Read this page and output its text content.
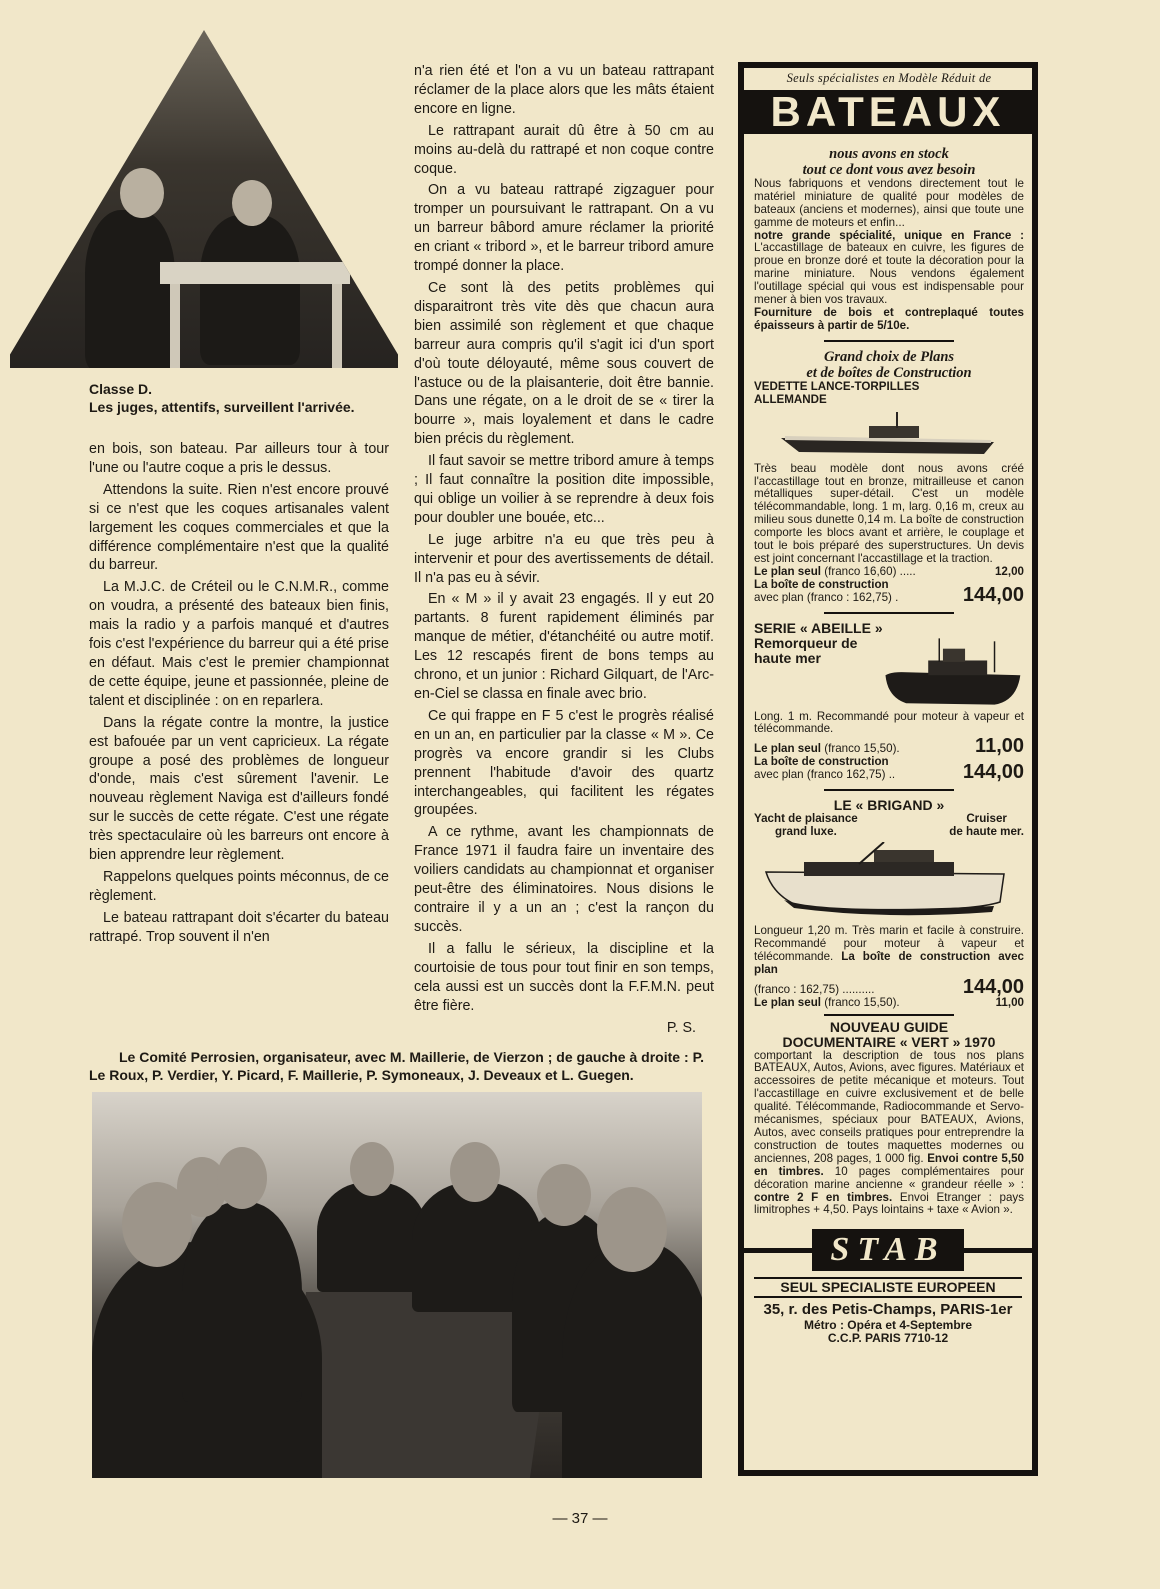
Classe D.
Les juges, attentifs, surveillent l'arrivée.

en bois, son bateau. Par ailleurs tour à tour l'une ou l'autre coque a pris le dessus.

Attendons la suite. Rien n'est encore prouvé si ce n'est que les coques artisanales valent largement les coques commerciales et que la différence complémentaire n'est que la qualité du barreur.

La M.J.C. de Créteil ou le C.N.M.R., comme on voudra, a présenté des bateaux bien finis, mais la radio y a parfois manqué et d'autres fois c'est l'expérience du barreur qui a été prise en défaut. Mais c'est le premier championnat de cette équipe, jeune et passionnée, pleine de talent et disciplinée : on en reparlera.

Dans la régate contre la montre, la justice est bafouée par un vent capricieux. La régate groupe a posé des problèmes de longueur d'onde, mais c'est sûrement l'avenir. Le nouveau règlement Naviga est d'ailleurs fondé sur le succès de cette régate. C'est une régate très spectaculaire où les barreurs ont encore à bien apprendre leur règlement.

Rappelons quelques points méconnus, de ce règlement.

Le bateau rattrapant doit s'écarter du bateau rattrapé. Trop souvent il n'en

n'a rien été et l'on a vu un bateau rattrapant réclamer de la place alors que les mâts étaient encore en ligne.

Le rattrapant aurait dû être à 50 cm au moins au-delà du rattrapé et non coque contre coque.

On a vu bateau rattrapé zigzaguer pour tromper un poursuivant le rattrapant. On a vu un barreur bâbord amure réclamer la priorité en criant « tribord », et le barreur tribord amure trompé donner la place.

Ce sont là des petits problèmes qui disparaitront très vite dès que chacun aura bien assimilé son règlement et que chaque barreur aura compris qu'il s'agit ici d'un sport d'où toute déloyauté, même sous couvert de l'astuce ou de la plaisanterie, doit être bannie. Dans une régate, on a le droit de se « tirer la bourre », mais loyalement et dans le cadre bien précis du règlement.

Il faut savoir se mettre tribord amure à temps ; Il faut connaître la position dite impossible, qui oblige un voilier à se reprendre à deux fois pour doubler une bouée, etc...

Le juge arbitre n'a eu que très peu à intervenir et pour des avertissements de détail. Il n'a pas eu à sévir.

En « M » il y avait 23 engagés. Il y eut 20 partants. 8 furent rapidement éliminés par manque de métier, d'étanchéité ou autre motif. Les 12 rescapés firent de bons temps au chrono, et un junior : Richard Gilquart, de l'Arc-en-Ciel se classa en finale avec brio.

Ce qui frappe en F 5 c'est le progrès réalisé en un an, en particulier par la classe « M ». Ce progrès va encore grandir si les Clubs prennent l'habitude d'avoir des quartz interchangeables, qui facilitent les régates groupées.

A ce rythme, avant les championnats de France 1971 il faudra faire un inventaire des voiliers candidats au championnat et organiser peut-être des éliminatoires. Nous disions le contraire il y a un an ; c'est la rançon du succès.

Il a fallu le sérieux, la discipline et la courtoisie de tous pour tout finir en son temps, cela aussi est un succès dont la F.F.M.N. peut être fière.

P. S.
Le Comité Perrosien, organisateur, avec M. Maillerie, de Vierzon ; de gauche à droite : P. Le Roux, P. Verdier, Y. Picard, F. Maillerie, P. Symoneaux, J. Deveaux et L. Guegen.
Seuls spécialistes en Modèle Réduit de
BATEAUX
nous avons en stock
tout ce dont vous avez besoin
Nous fabriquons et vendons directement tout le matériel miniature de qualité pour modèles de bateaux (anciens et modernes), ainsi que toute une gamme de moteurs et enfin...
notre grande spécialité, unique en France : L'accastillage de bateaux en cuivre, les figures de proue en bronze doré et toute la décoration pour la marine miniature. Nous vendons également l'outillage spécial qui vous est indispensable pour mener à bien vos travaux.
Fourniture de bois et contreplaqué toutes épaisseurs à partir de 5/10e.
Grand choix de Plans
et de boîtes de Construction
VEDETTE LANCE-TORPILLES ALLEMANDE
Très beau modèle dont nous avons créé l'accastillage tout en bronze, mitrailleuse et canon métalliques super-détail. C'est un modèle télécommandable, long. 1 m, larg. 0,16 m, creux au milieu sous dunette 0,14 m. La boîte de construction comporte les blocs avant et arrière, le couplage et tout le bois préparé des superstructures. Un devis est joint concernant l'accastillage et la traction.
Le plan seul (franco 16,60) .....	12,00
La boîte de construction
avec plan (franco : 162,75) .	144,00
SERIE « ABEILLE »
Remorqueur de haute mer
Long. 1 m. Recommandé pour moteur à vapeur et télécommande.
Le plan seul (franco 15,50).	11,00
La boîte de construction
avec plan (franco 162,75) ..	144,00
LE « BRIGAND »
Yacht de plaisance
grand luxe.
Cruiser
de haute mer.
Longueur 1,20 m. Très marin et facile à construire. Recommandé pour moteur à vapeur et télécommande. La boîte de construction avec plan
(franco : 162,75) ..........	144,00
Le plan seul (franco 15,50).	11,00
NOUVEAU GUIDE
DOCUMENTAIRE « VERT » 1970
comportant la description de tous nos plans BATEAUX, Autos, Avions, avec figures. Matériaux et accessoires de petite mécanique et moteurs. Tout l'accastillage en cuivre exclusivement et de belle qualité. Télécommande, Radiocommande et Servo-mécanismes, spéciaux pour BATEAUX, Avions, Autos, avec conseils pratiques pour entreprendre la construction de toutes maquettes modernes ou anciennes, 208 pages, 1 000 fig. Envoi contre 5,50 en timbres. 10 pages complémentaires pour décoration marine ancienne « grandeur réelle » : contre 2 F en timbres. Envoi Etranger : pays limitrophes + 4,50. Pays lointains + taxe « Avion ».
STAB
SEUL SPECIALISTE EUROPEEN
35, r. des Petis-Champs, PARIS-1er
Métro : Opéra et 4-Septembre
C.C.P. PARIS 7710-12
— 37 —
